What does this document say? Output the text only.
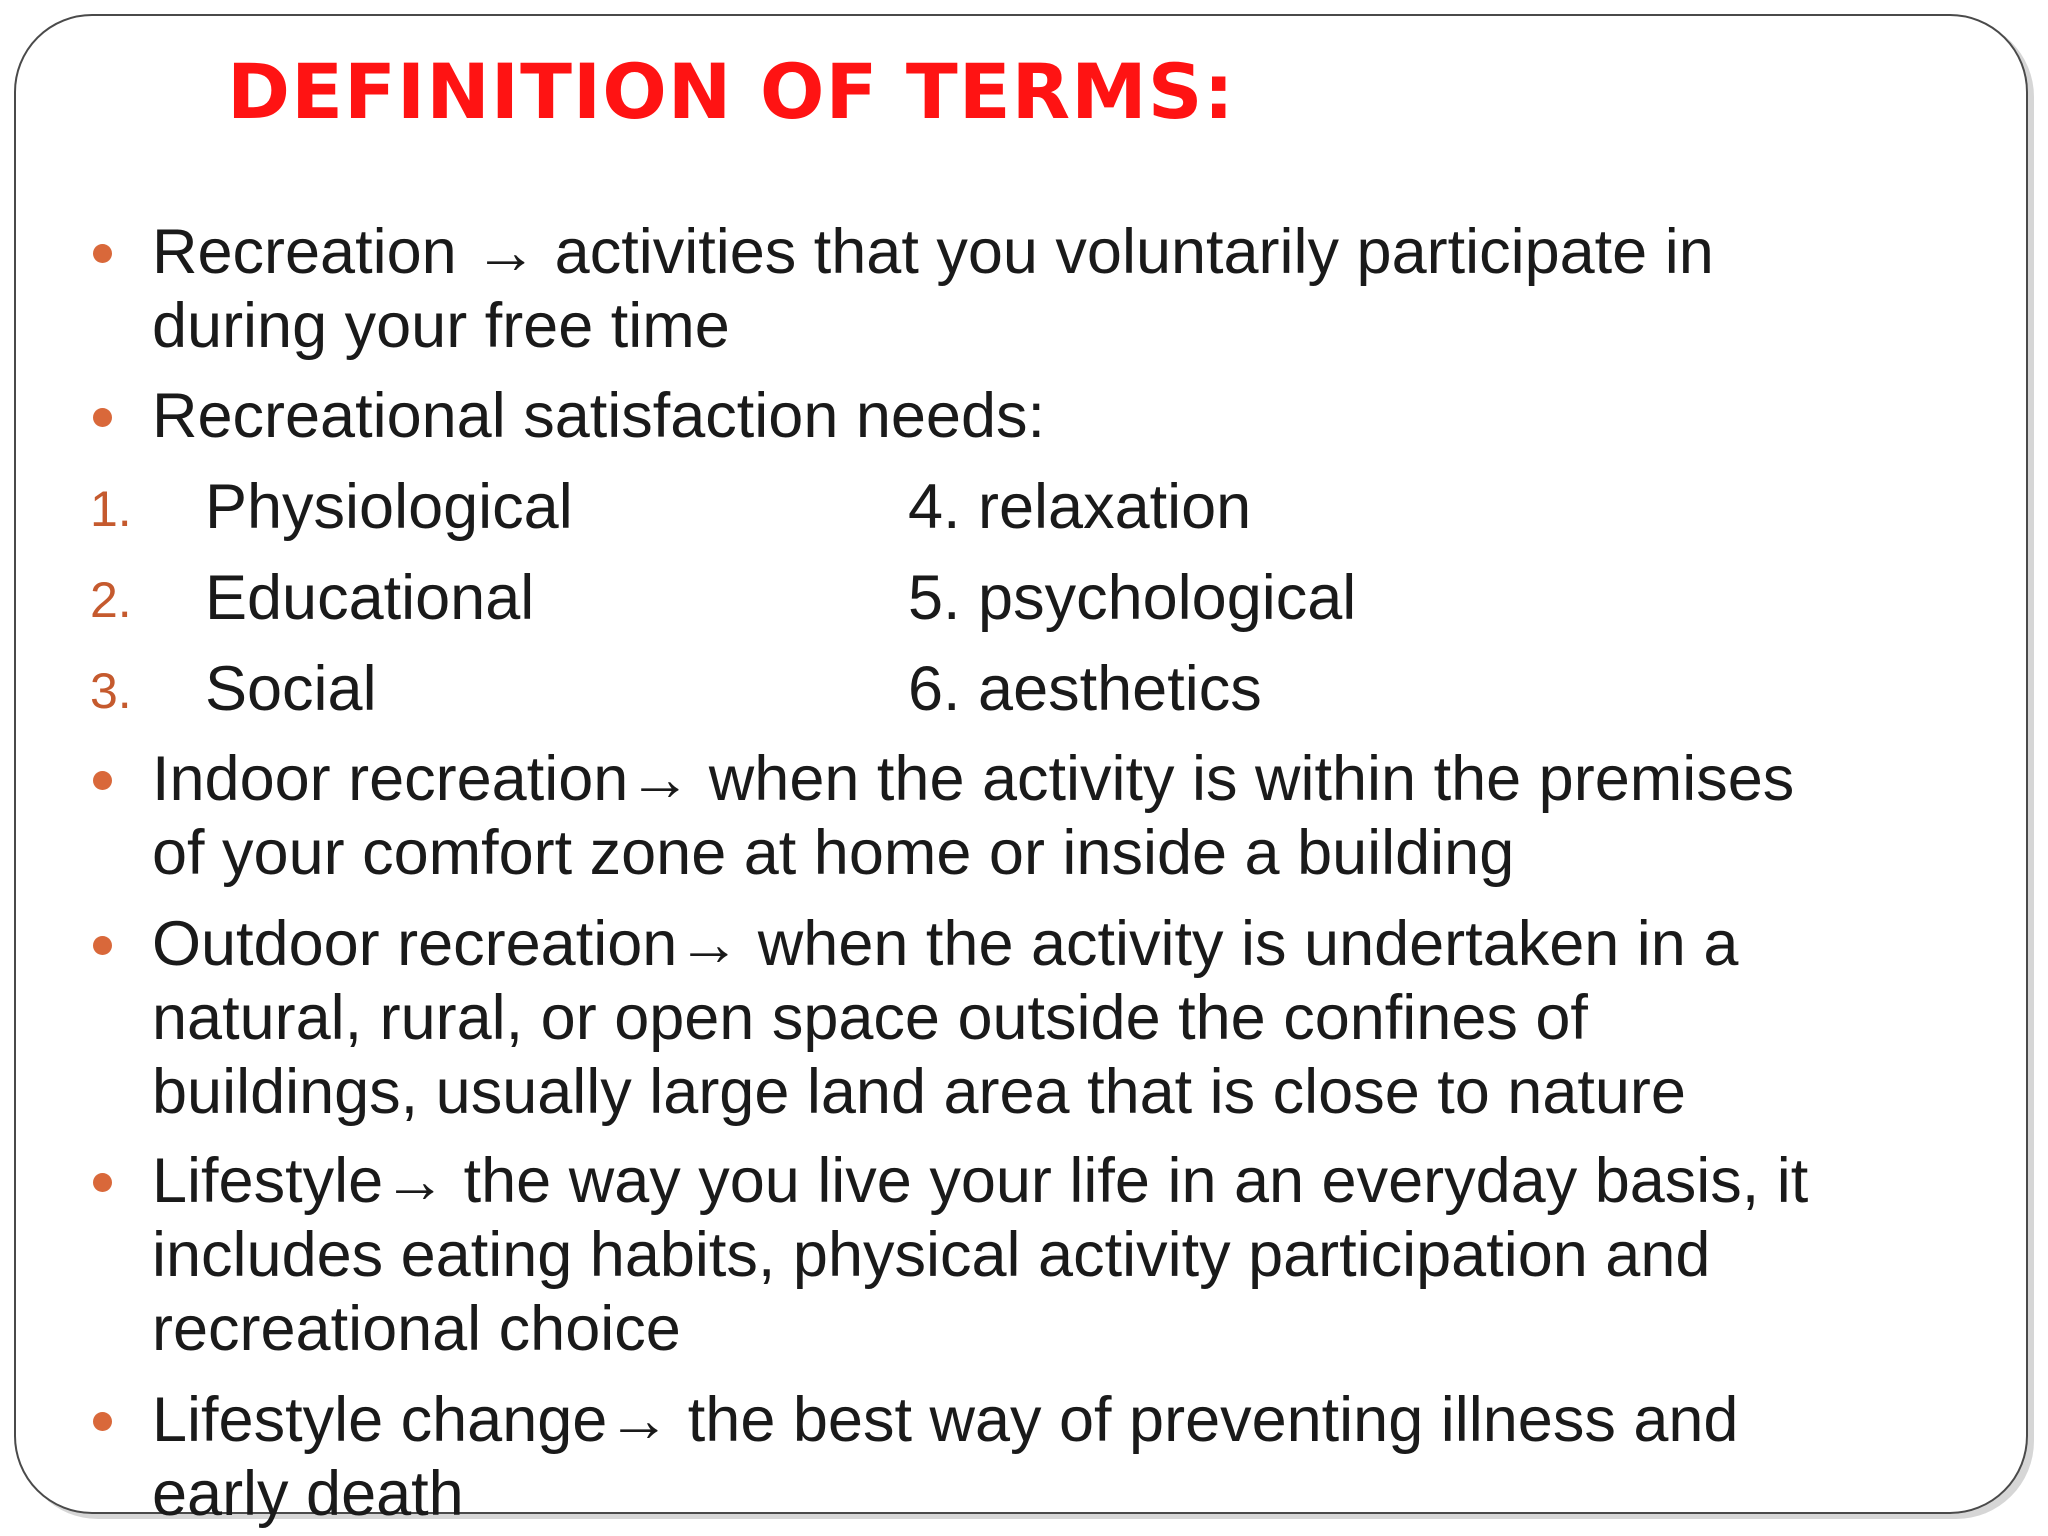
DEFINITION OF TERMS:
Recreation → activities that you voluntarily participate in
during your free time
Recreational satisfaction needs:
1. Physiological	4. relaxation
2. Educational	5. psychological
3. Social	6. aesthetics
Indoor recreation→ when the activity is within the premises
of your comfort zone at home or inside a building
Outdoor recreation→ when the activity is undertaken in a
natural, rural, or open space outside the confines of
buildings, usually large land area that is close to nature
Lifestyle→ the way you live your life in an everyday basis, it
includes eating habits, physical activity participation and
recreational choice
Lifestyle change→ the best way of preventing illness and
early death
